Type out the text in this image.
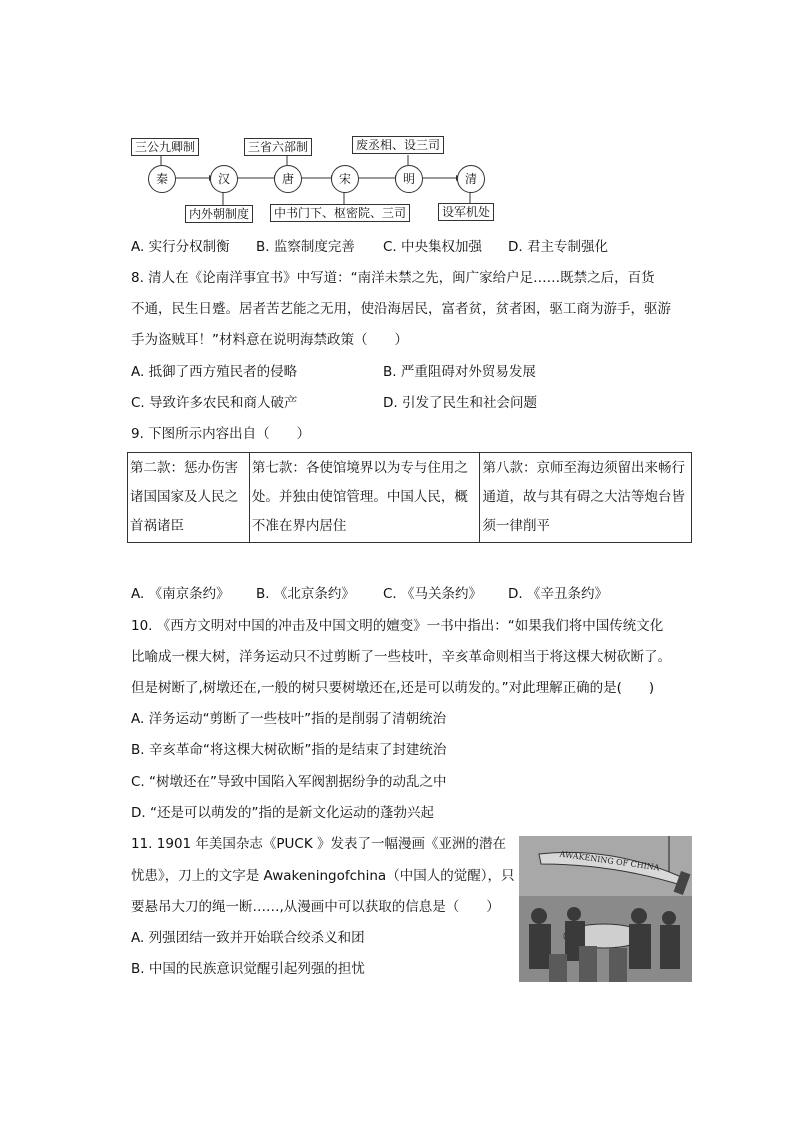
三公九卿制	三省六部制	废丞相、设三司
秦	汉	唐	宋	明	清
内外朝制度	中书门下、枢密院、三司	设军机处
A. 实行分权制衡 B. 监察制度完善 C. 中央集权加强 D. 君主专制强化
8. 清人在《论南洋事宜书》中写道：“南洋未禁之先，闽广家给户足……既禁之后，百货
不通，民生日蹙。居者苦艺能之无用，使沿海居民，富者贫，贫者困，驱工商为游手，驱游
手为盗贼耳！”材料意在说明海禁政策（　　）
A. 抵御了西方殖民者的侵略	B. 严重阻碍对外贸易发展
C. 导致许多农民和商人破产	D. 引发了民生和社会问题
9. 下图所示内容出自（　　）
第二款：惩办伤害诸国国家及人民之首祸诸臣	第七款：各使馆境界以为专与住用之处。并独由使馆管理。中国人民，概不准在界内居住	第八款：京师至海边须留出来畅行通道，故与其有碍之大沽等炮台皆须一律削平
A. 《南京条约》 B. 《北京条约》 C. 《马关条约》 D. 《辛丑条约》
10. 《西方文明对中国的冲击及中国文明的嬗变》一书中指出：“如果我们将中国传统文化
比喻成一棵大树，洋务运动只不过剪断了一些枝叶，辛亥革命则相当于将这棵大树砍断了。
但是树断了,树墩还在,一般的树只要树墩还在,还是可以萌发的。”对此理解正确的是(　　)
A. 洋务运动“剪断了一些枝叶”指的是削弱了清朝统治
B. 辛亥革命“将这棵大树砍断”指的是结束了封建统治
C. “树墩还在”导致中国陷入军阀割据纷争的动乱之中
D. “还是可以萌发的”指的是新文化运动的蓬勃兴起
11. 1901 年美国杂志《PUCK 》发表了一幅漫画《亚洲的潜在
忧患》，刀上的文字是 Awakeningofchina（中国人的觉醒），只
要悬吊大刀的绳一断……,从漫画中可以获取的信息是（　　）
A. 列强团结一致并开始联合绞杀义和团
B. 中国的民族意识觉醒引起列强的担忧
AWAKENING OF CHINA
